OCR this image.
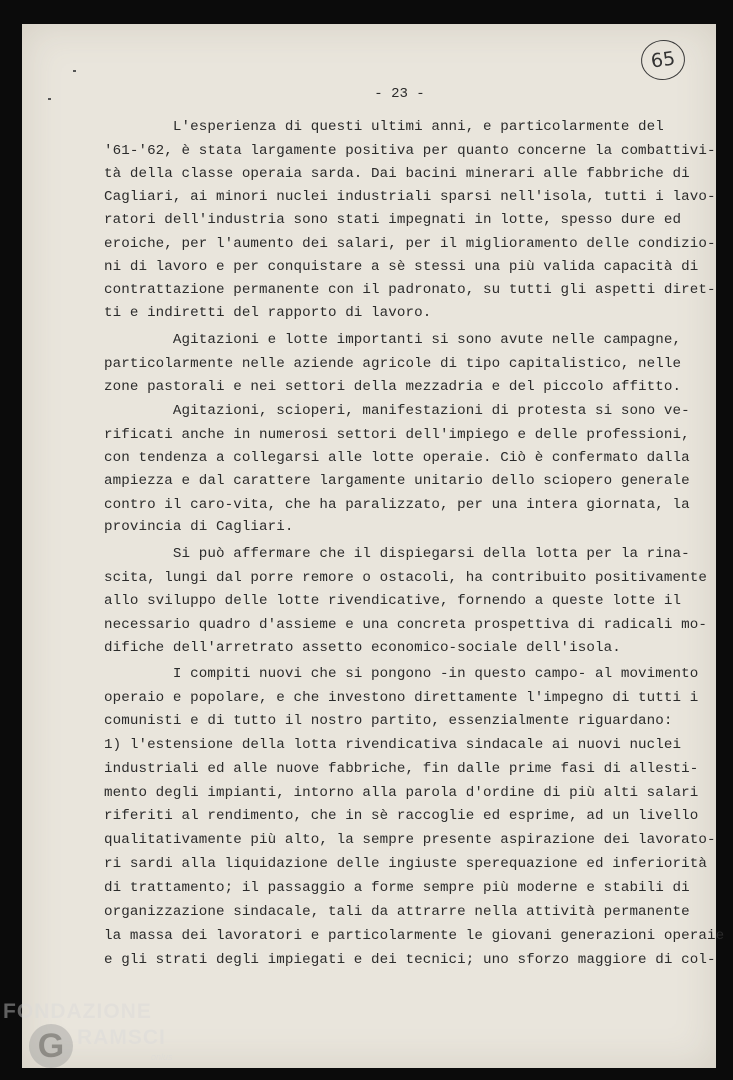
65
- 23 -
L'esperienza di questi ultimi anni, e particolarmente del
'61-'62, è stata largamente positiva per quanto concerne la combattivi-
tà della classe operaia sarda. Dai bacini minerari alle fabbriche di
Cagliari, ai minori nuclei industriali sparsi nell'isola, tutti i lavo-
ratori dell'industria sono stati impegnati in lotte, spesso dure ed
eroiche, per l'aumento dei salari, per il miglioramento delle condizio-
ni di lavoro e per conquistare a sè stessi una più valida capacità di
contrattazione permanente con il padronato, su tutti gli aspetti diret-
ti e indiretti del rapporto di lavoro.
Agitazioni e lotte importanti si sono avute nelle campagne,
particolarmente nelle aziende agricole di tipo capitalistico, nelle
zone pastorali e nei settori della mezzadria e del piccolo affitto.
Agitazioni, scioperi, manifestazioni di protesta si sono ve-
rificati anche in numerosi settori dell'impiego e delle professioni,
con tendenza a collegarsi alle lotte operaie. Ciò è confermato dalla
ampiezza e dal carattere largamente unitario dello sciopero generale
contro il caro-vita, che ha paralizzato, per una intera giornata, la
provincia di Cagliari.
Si può affermare che il dispiegarsi della lotta per la rina-
scita, lungi dal porre remore o ostacoli, ha contribuito positivamente
allo sviluppo delle lotte rivendicative, fornendo a queste lotte il
necessario quadro d'assieme e una concreta prospettiva di radicali mo-
difiche dell'arretrato assetto economico-sociale dell'isola.
I compiti nuovi che si pongono -in questo campo- al movimento
operaio e popolare, e che investono direttamente l'impegno di tutti i
comunisti e di tutto il nostro partito, essenzialmente riguardano:
1) l'estensione della lotta rivendicativa sindacale ai nuovi nuclei
industriali ed alle nuove fabbriche, fin dalle prime fasi di allesti-
mento degli impianti, intorno alla parola d'ordine di più alti salari
riferiti al rendimento, che in sè raccoglie ed esprime, ad un livello
qualitativamente più alto, la sempre presente aspirazione dei lavorato-
ri sardi alla liquidazione delle ingiuste sperequazione ed inferiorità
di trattamento; il passaggio a forme sempre più moderne e stabili di
organizzazione sindacale, tali da attrarre nella attività permanente
la massa dei lavoratori e particolarmente le giovani generazioni operaie
e gli strati degli impiegati e dei tecnici; uno sforzo maggiore di col-
FONDAZIONE
G RAMSCI
onlus
